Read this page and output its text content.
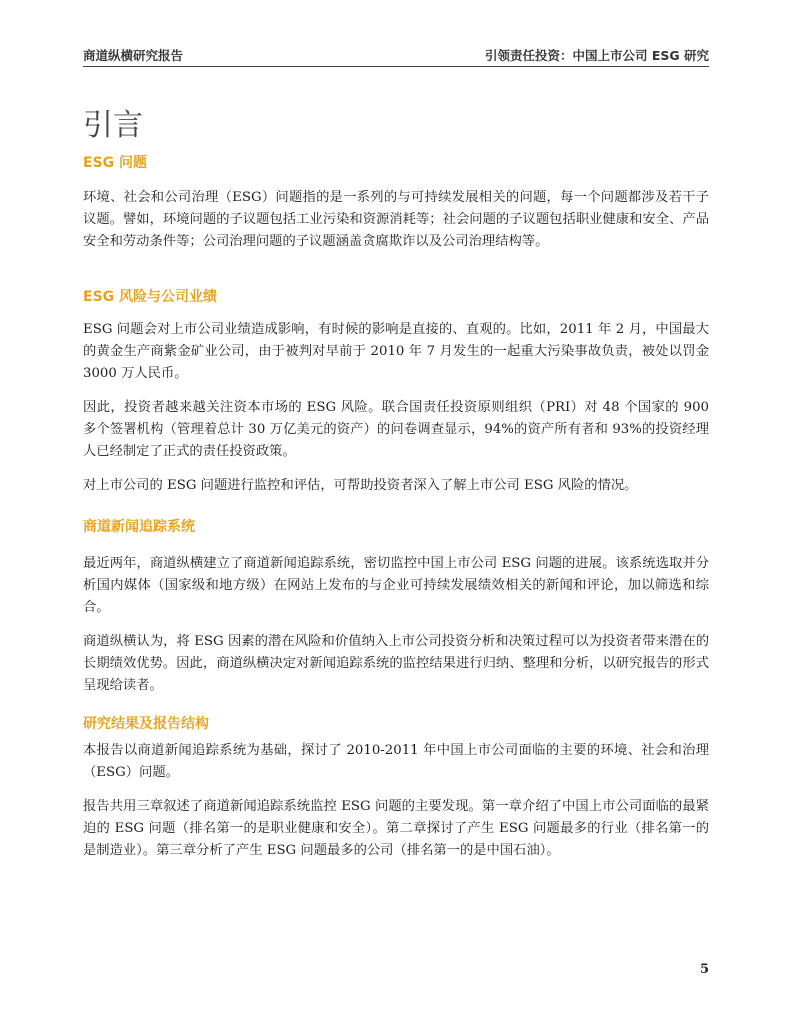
商道纵横研究报告	引领责任投资：中国上市公司 ESG 研究
引言
ESG 问题

环境、社会和公司治理（ESG）问题指的是一系列的与可持续发展相关的问题，每一个问题都涉及若干子议题。譬如，环境问题的子议题包括工业污染和资源消耗等；社会问题的子议题包括职业健康和安全、产品安全和劳动条件等；公司治理问题的子议题涵盖贪腐欺诈以及公司治理结构等。

ESG 风险与公司业绩

ESG 问题会对上市公司业绩造成影响，有时候的影响是直接的、直观的。比如，2011 年 2 月，中国最大的黄金生产商紫金矿业公司，由于被判对早前于 2010 年 7 月发生的一起重大污染事故负责，被处以罚金 3000 万人民币。

因此，投资者越来越关注资本市场的 ESG 风险。联合国责任投资原则组织（PRI）对 48 个国家的 900 多个签署机构（管理着总计 30 万亿美元的资产）的问卷调查显示，94%的资产所有者和 93%的投资经理人已经制定了正式的责任投资政策。

对上市公司的 ESG 问题进行监控和评估，可帮助投资者深入了解上市公司 ESG 风险的情况。

商道新闻追踪系统

最近两年，商道纵横建立了商道新闻追踪系统，密切监控中国上市公司 ESG 问题的进展。该系统选取并分析国内媒体（国家级和地方级）在网站上发布的与企业可持续发展绩效相关的新闻和评论，加以筛选和综合。

商道纵横认为，将 ESG 因素的潜在风险和价值纳入上市公司投资分析和决策过程可以为投资者带来潜在的长期绩效优势。因此，商道纵横决定对新闻追踪系统的监控结果进行归纳、整理和分析，以研究报告的形式呈现给读者。

研究结果及报告结构

本报告以商道新闻追踪系统为基础，探讨了 2010-2011 年中国上市公司面临的主要的环境、社会和治理（ESG）问题。

报告共用三章叙述了商道新闻追踪系统监控 ESG 问题的主要发现。第一章介绍了中国上市公司面临的最紧迫的 ESG 问题（排名第一的是职业健康和安全）。第二章探讨了产生 ESG 问题最多的行业（排名第一的是制造业）。第三章分析了产生 ESG 问题最多的公司（排名第一的是中国石油）。

5
